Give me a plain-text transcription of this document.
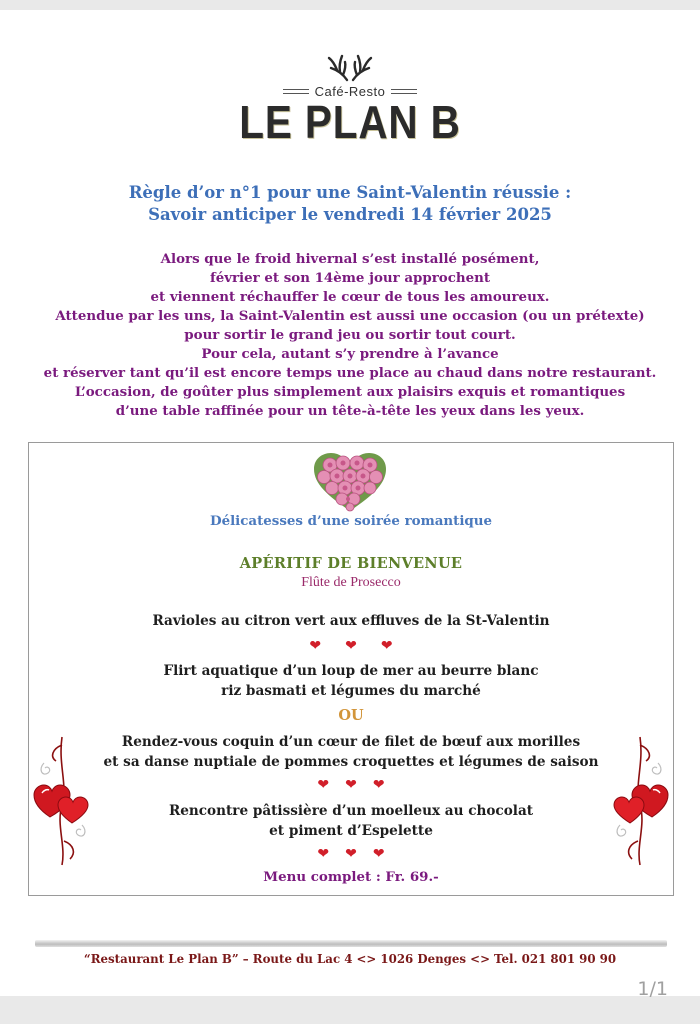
Café-Resto
LE PLAN B
Règle d’or n°1 pour une Saint-Valentin réussie :
Savoir anticiper le vendredi 14 février 2025
Alors que le froid hivernal s’est installé posément,
février et son 14ème jour approchent
et viennent réchauffer le cœur de tous les amoureux.
Attendue par les uns, la Saint-Valentin est aussi une occasion (ou un prétexte)
pour sortir le grand jeu ou sortir tout court.
Pour cela, autant s’y prendre à l’avance
et réserver tant qu’il est encore temps une place au chaud dans notre restaurant.
L’occasion, de goûter plus simplement aux plaisirs exquis et romantiques
d’une table raffinée pour un tête-à-tête les yeux dans les yeux.
Délicatesses d’une soirée romantique
APÉRITIF DE BIENVENUE
Flûte de Prosecco
Ravioles au citron vert aux effluves de la St-Valentin
❤ ❤ ❤
Flirt aquatique d’un loup de mer au beurre blanc
riz basmati et légumes du marché
OU
Rendez-vous coquin d’un cœur de filet de bœuf aux morilles
et sa danse nuptiale de pommes croquettes et légumes de saison
❤ ❤ ❤
Rencontre pâtissière d’un moelleux au chocolat
et piment d’Espelette
❤ ❤ ❤
Menu complet : Fr. 69.-
“Restaurant Le Plan B” – Route du Lac 4 <> 1026 Denges <> Tel. 021 801 90 90
1/1
